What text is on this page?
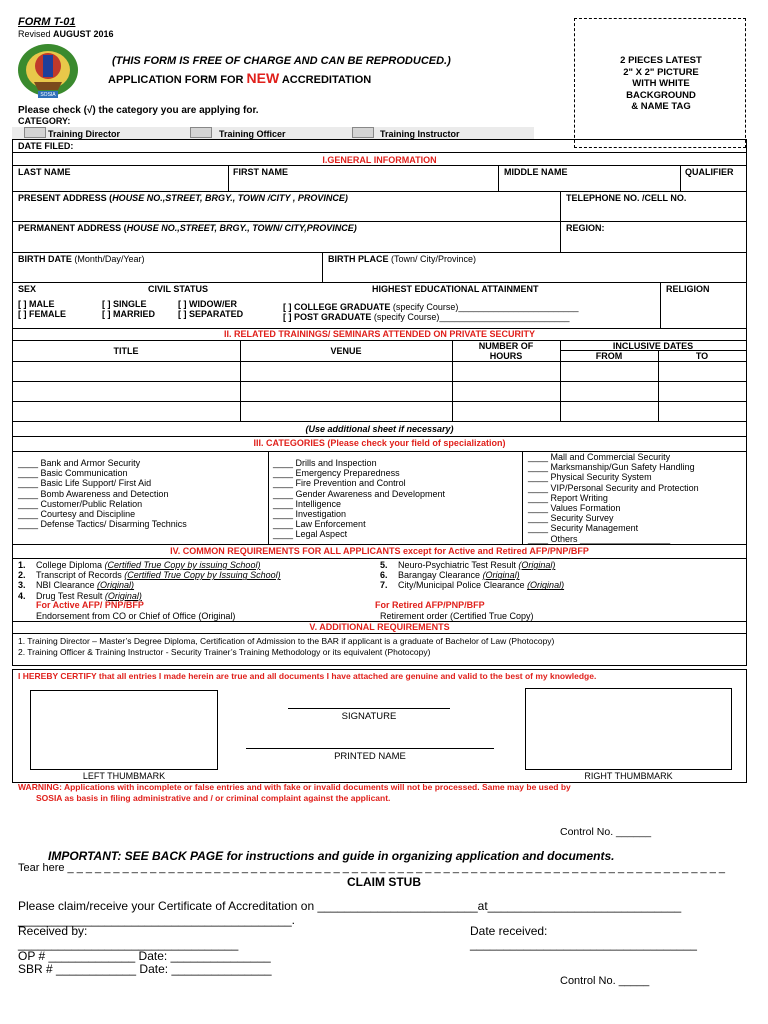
FORM T-01
Revised AUGUST 2016
SOSIA
(THIS FORM IS FREE OF CHARGE AND CAN BE REPRODUCED.)
APPLICATION FORM FOR NEW ACCREDITATION
2 PIECES LATEST
2" X 2" PICTURE
WITH WHITE
BACKGROUND
& NAME TAG
Please check (√) the category you are applying for.
CATEGORY:
Training Director	Training Officer	Training Instructor
DATE FILED:
I.GENERAL INFORMATION
LAST NAME	FIRST NAME	MIDDLE NAME	QUALIFIER
PRESENT ADDRESS (HOUSE NO.,STREET, BRGY., TOWN /CITY , PROVINCE)	TELEPHONE NO. /CELL NO.
PERMANENT ADDRESS (HOUSE NO.,STREET, BRGY., TOWN/ CITY,PROVINCE)	REGION:
BIRTH DATE (Month/Day/Year)	BIRTH PLACE (Town/ City/Province)
SEX	CIVIL STATUS	HIGHEST EDUCATIONAL ATTAINMENT	RELIGION
[ ] MALE
[ ] FEMALE
[ ] SINGLE
[ ] MARRIED
[ ] WIDOW/ER
[ ] SEPARATED
[ ] COLLEGE GRADUATE (specify Course)________________________
[ ] POST GRADUATE (specify Course)__________________________
II. RELATED TRAININGS/ SEMINARS ATTENDED ON PRIVATE SECURITY
TITLE	VENUE	NUMBER OF
HOURS
INCLUSIVE DATES
FROM	TO
(Use additional sheet if necessary)
III. CATEGORIES (Please check your field of specialization)
____ Bank and Armor Security
____ Basic Communication
____ Basic Life Support/ First Aid
____ Bomb Awareness and Detection
____ Customer/Public Relation
____ Courtesy and Discipline
____ Defense Tactics/ Disarming Technics
____ Drills and Inspection
____ Emergency Preparedness
____ Fire Prevention and Control
____ Gender Awareness and Development
____ Intelligence
____ Investigation
____ Law Enforcement
____ Legal Aspect
____ Mall and Commercial Security
____ Marksmanship/Gun Safety Handling
____ Physical Security System
____ VIP/Personal Security and Protection
____ Report Writing
____ Values Formation
____ Security Survey
____ Security Management
____ Others __________________
IV. COMMON REQUIREMENTS FOR ALL APPLICANTS except for Active and Retired AFP/PNP/BFP
1. College Diploma (Certified True Copy by issuing School)
2. Transcript of Records (Certified True Copy by Issuing School)
3. NBI Clearance (Original)
4. Drug Test Result (Original)
5. Neuro-Psychiatric Test Result (Original)
6. Barangay Clearance (Original)
7. City/Municipal Police Clearance (Original)
For Active AFP/ PNP/BFP
Endorsement from CO or Chief of Office (Original)
For Retired AFP/PNP/BFP
Retirement order (Certified True Copy)
V. ADDITIONAL REQUIREMENTS
1. Training Director – Master’s Degree Diploma, Certification of Admission to the BAR if applicant is a graduate of Bachelor of Law (Photocopy)
2. Training Officer & Training Instructor - Security Trainer’s Training Methodology or its equivalent (Photocopy)
I HEREBY CERTIFY that all entries I made herein are true and all documents I have attached are genuine and valid to the best of my knowledge.
SIGNATURE
PRINTED NAME
LEFT THUMBMARK	RIGHT THUMBMARK
WARNING: Applications with incomplete or false entries and with fake or invalid documents will not be processed. Same may be used by
SOSIA as basis in filing administrative and / or criminal complaint against the applicant.
Control No. ______
IMPORTANT: SEE BACK PAGE for instructions and guide in organizing application and documents.
Tear here _ _ _ _ _ _ _ _ _ _ _ _ _ _ _ _ _ _ _ _ _ _ _ _ _ _ _ _ _ _ _ _ _ _ _ _ _ _ _ _ _ _ _ _ _ _ _ _ _ _ _ _ _ _ _ _ _ _ _ _ _ _ _ _ _ _ _ _ _ _ _ _
CLAIM STUB
Please claim/receive your Certificate of Accreditation on ________________________at_____________________________
_________________________________________.
Received by:	Date received:
_________________________________	__________________________________
OP # _____________ Date: _______________
SBR # ____________ Date: _______________
Control No. _____
